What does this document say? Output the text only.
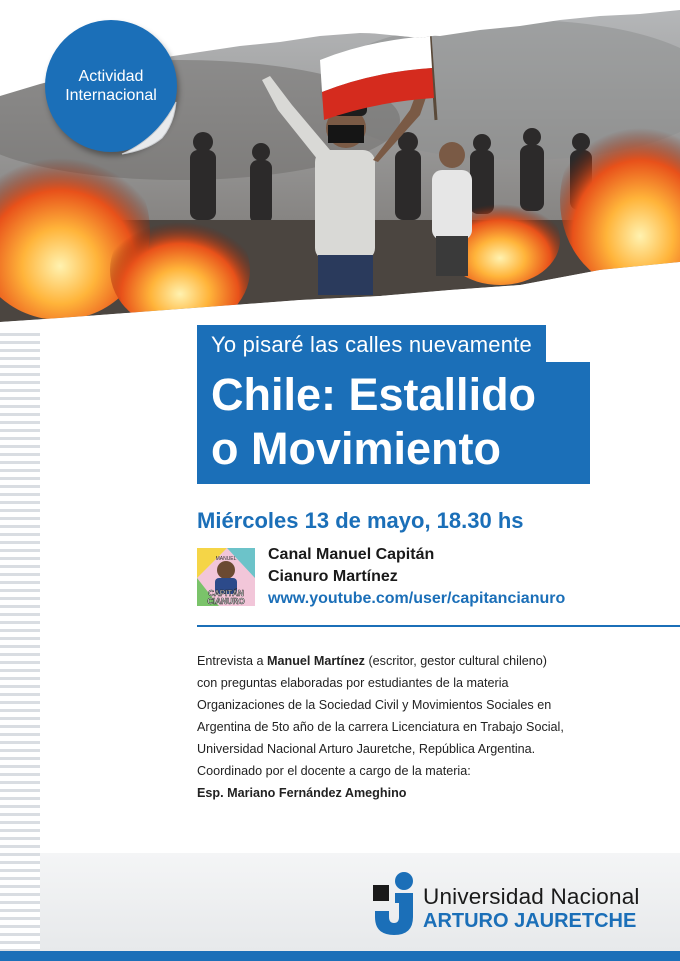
Actividad
Internacional
Yo pisaré las calles nuevamente
Chile: Estallido
o Movimiento
Miércoles 13 de mayo, 18.30 hs
MANUEL
CAPITÁN
CIANURO
Canal Manuel Capitán
Cianuro Martínez
www.youtube.com/user/capitancianuro

Entrevista a Manuel Martínez (escritor, gestor cultural chileno)

con preguntas elaboradas por estudiantes de la materia

Organizaciones de la Sociedad Civil y Movimientos Sociales en

Argentina de 5to año de la carrera Licenciatura en Trabajo Social,

Universidad Nacional Arturo Jauretche, República Argentina.

Coordinado por el docente a cargo de la materia:

Esp. Mariano Fernández Ameghino

Universidad Nacional
ARTURO JAURETCHE
